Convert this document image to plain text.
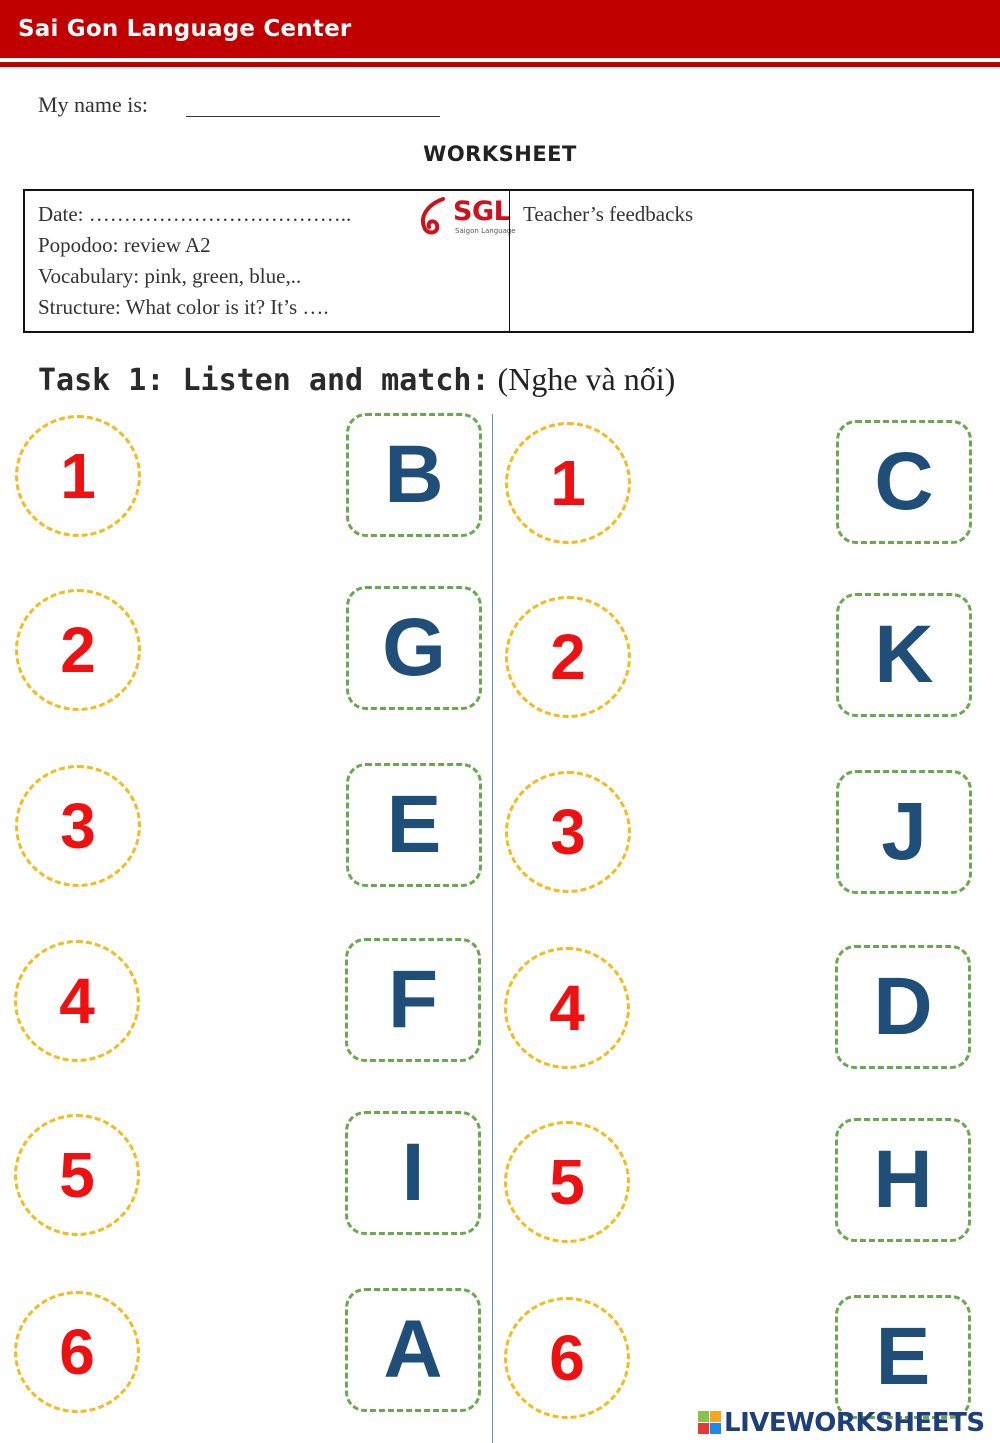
Sai Gon Language Center
My name is:
WORKSHEET
Date: ………………………………..
Popodoo: review A2
Vocabulary: pink, green, blue,..
Structure: What color is it? It’s ….
SGL
Saigon Language
Teacher’s feedbacks
Task 1: Listen and match: (Nghe và nối)
1
2
3
4
5
6
B
G
E
F
I
A
1
2
3
4
5
6
C
K
J
D
H
E
LIVEWORKSHEETS
